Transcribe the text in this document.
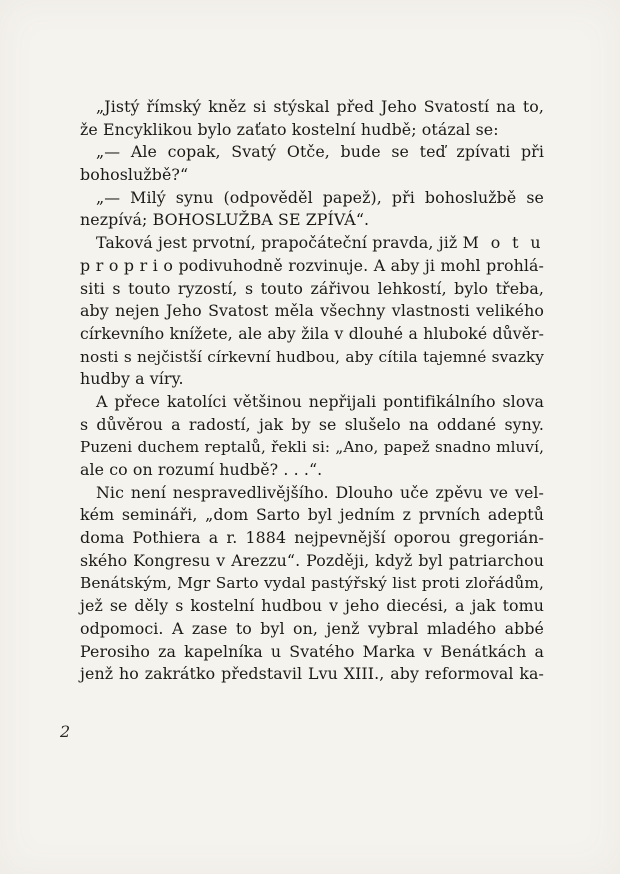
„Jistý římský kněz si stýskal před Jeho Svatostí na to,
že Encyklikou bylo zaťato kostelní hudbě; otázal se:
„— Ale copak, Svatý Otče, bude se teď zpívati při
bohoslužbě?“
„— Milý synu (odpověděl papež), při bohoslužbě se
nezpívá; BOHOSLUŽBA SE ZPÍVÁ“.
Taková jest prvotní, prapočáteční pravda, již M o t u
p r o p r i o podivuhodně rozvinuje. A aby ji mohl prohlá-
siti s touto ryzostí, s touto zářivou lehkostí, bylo třeba,
aby nejen Jeho Svatost měla všechny vlastnosti velikého
církevního knížete, ale aby žila v dlouhé a hluboké důvěr-
nosti s nejčistší církevní hudbou, aby cítila tajemné svazky
hudby a víry.
A přece katolíci většinou nepřijali pontifikálního slova
s důvěrou a radostí, jak by se slušelo na oddané syny.
Puzeni duchem reptalů, řekli si: „Ano, papež snadno mluví,
ale co on rozumí hudbě? . . .“.
Nic není nespravedlivějšího. Dlouho uče zpěvu ve vel-
kém semináři, „dom Sarto byl jedním z prvních adeptů
doma Pothiera a r. 1884 nejpevnější oporou gregorián-
ského Kongresu v Arezzu“. Později, když byl patriarchou
Benátským, Mgr Sarto vydal pastýřský list proti zlořádům,
jež se děly s kostelní hudbou v jeho diecési, a jak tomu
odpomoci. A zase to byl on, jenž vybral mladého abbé
Perosiho za kapelníka u Svatého Marka v Benátkách a
jenž ho zakrátko představil Lvu XIII., aby reformoval ka-
2
